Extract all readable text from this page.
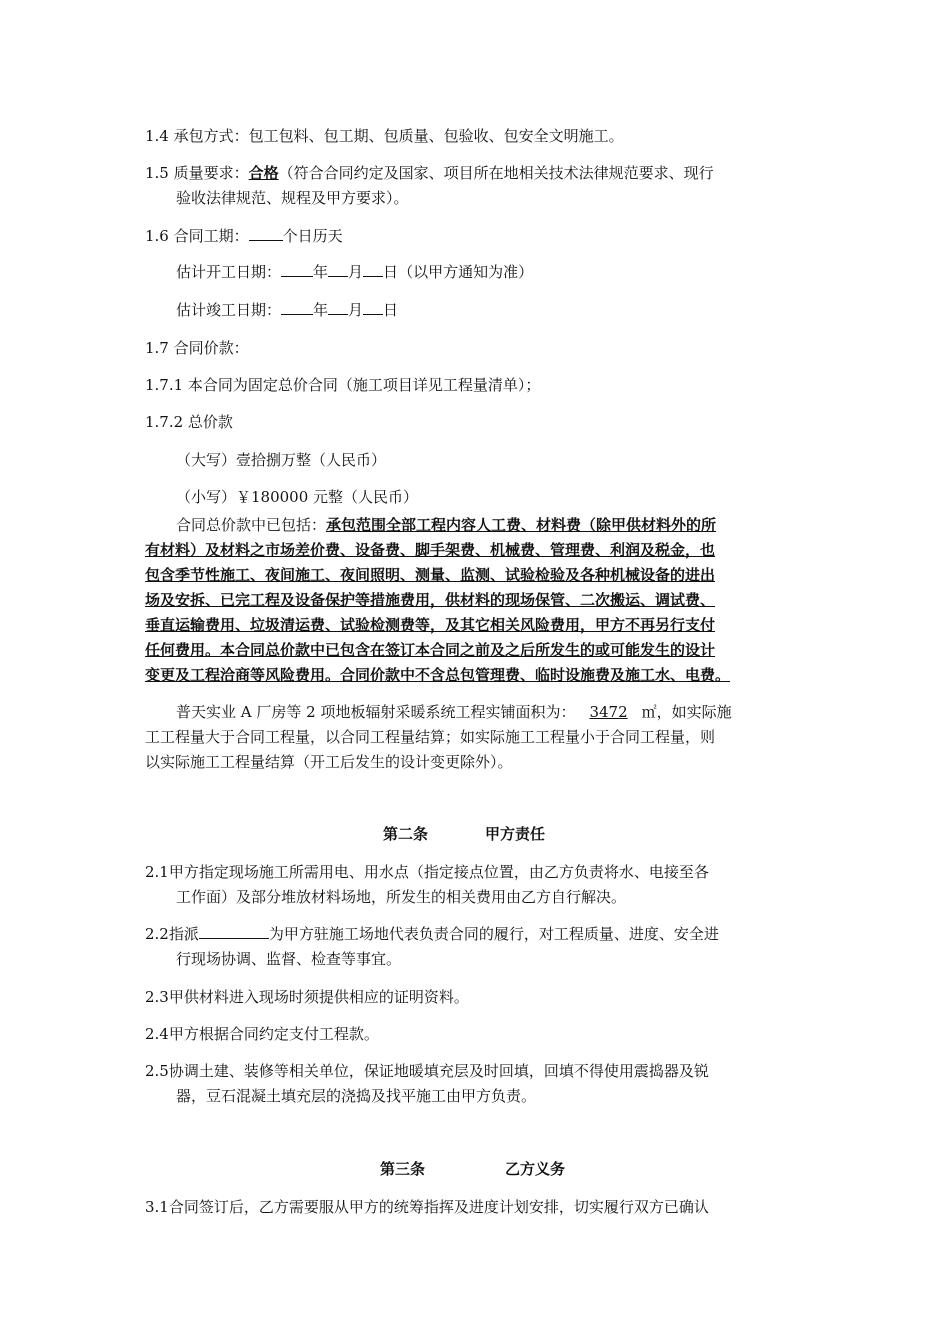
1.4 承包方式：包工包料、包工期、包质量、包验收、包安全文明施工。
1.5 质量要求：合格（符合合同约定及国家、项目所在地相关技术法律规范要求、现行
验收法律规范、规程及甲方要求）。
1.6 合同工期： 个日历天
估计开工日期： 年 月 日（以甲方通知为准）
估计竣工日期： 年 月 日
1.7 合同价款：
1.7.1 本合同为固定总价合同（施工项目详见工程量清单）；
1.7.2 总价款
（大写）壹拾捌万整（人民币）
（小写）￥180000 元整（人民币）
合同总价款中已包括：承包范围全部工程内容人工费、材料费（除甲供材料外的所
有材料）及材料之市场差价费、设备费、脚手架费、机械费、管理费、利润及税金，也
包含季节性施工、夜间施工、夜间照明、测量、监测、试验检验及各种机械设备的进出
场及安拆、已完工程及设备保护等措施费用，供材料的现场保管、二次搬运、调试费、
垂直运输费用、垃圾清运费、试验检测费等，及其它相关风险费用，甲方不再另行支付
任何费用。本合同总价款中已包含在签订本合同之前及之后所发生的或可能发生的设计
变更及工程洽商等风险费用。合同价款中不含总包管理费、临时设施费及施工水、电费。
普天实业 A 厂房等 2 项地板辐射采暖系统工程实铺面积为： 3472 ㎡，如实际施
工工程量大于合同工程量，以合同工程量结算；如实际施工工程量小于合同工程量，则
以实际施工工程量结算（开工后发生的设计变更除外）。
第二条	甲方责任
2.1甲方指定现场施工所需用电、用水点（指定接点位置，由乙方负责将水、电接至各
工作面）及部分堆放材料场地，所发生的相关费用由乙方自行解决。
2.2指派	为甲方驻施工场地代表负责合同的履行，对工程质量、进度、安全进
行现场协调、监督、检查等事宜。
2.3甲供材料进入现场时须提供相应的证明资料。
2.4甲方根据合同约定支付工程款。
2.5协调土建、装修等相关单位，保证地暖填充层及时回填，回填不得使用震捣器及锐
器，豆石混凝土填充层的浇捣及找平施工由甲方负责。
第三条	乙方义务
3.1合同签订后，乙方需要服从甲方的统筹指挥及进度计划安排，切实履行双方已确认
